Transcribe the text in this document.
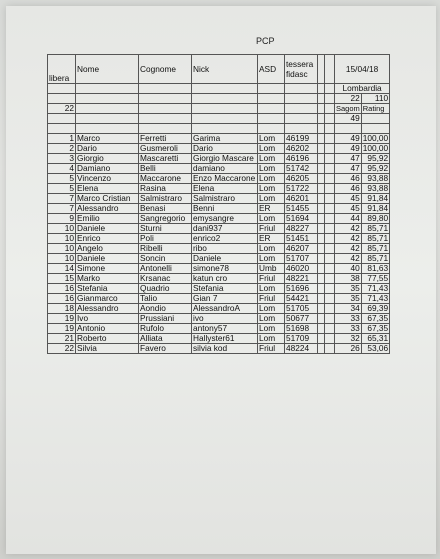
PCP
libera	Nome	Cognome	Nick	ASD	tessera fidasc			15/04/18	
								Lombardia	
								22	110
22								Sagom	Rating
								49	

1	Marco	Ferretti	Garima	Lom	46199			49	100,00
2	Dario	Gusmeroli	Dario	Lom	46202			49	100,00
3	Giorgio	Mascaretti	Giorgio Mascare	Lom	46196			47	95,92
4	Damiano	Belli	damiano	Lom	51742			47	95,92
5	Vincenzo	Maccarone	Enzo Maccarone	Lom	46205			46	93,88
5	Elena	Rasina	Elena	Lom	51722			46	93,88
7	Marco Cristian	Salmistraro	Salmistraro	Lom	46201			45	91,84
7	Alessandro	Benasi	Benni	ER	51455			45	91,84
9	Emilio	Sangregorio	emysangre	Lom	51694			44	89,80
10	Daniele	Sturni	dani937	Friul	48227			42	85,71
10	Enrico	Poli	enrico2	ER	51451			42	85,71
10	Angelo	Ribelli	ribo	Lom	46207			42	85,71
10	Daniele	Soncin	Daniele	Lom	51707			42	85,71
14	Simone	Antonelli	simone78	Umb	46020			40	81,63
15	Marko	Krsanac	katun cro	Friul	48221			38	77,55
16	Stefania	Quadrio	Stefania	Lom	51696			35	71,43
16	Gianmarco	Talio	Gian 7	Friul	54421			35	71,43
18	Alessandro	Aondio	AlessandroA	Lom	51705			34	69,39
19	Ivo	Prussiani	ivo	Lom	50677			33	67,35
19	Antonio	Rufolo	antony57	Lom	51698			33	67,35
21	Roberto	Alliata	Hallyster61	Lom	51709			32	65,31
22	Silvia	Favero	silvia kod	Friul	48224			26	53,06
